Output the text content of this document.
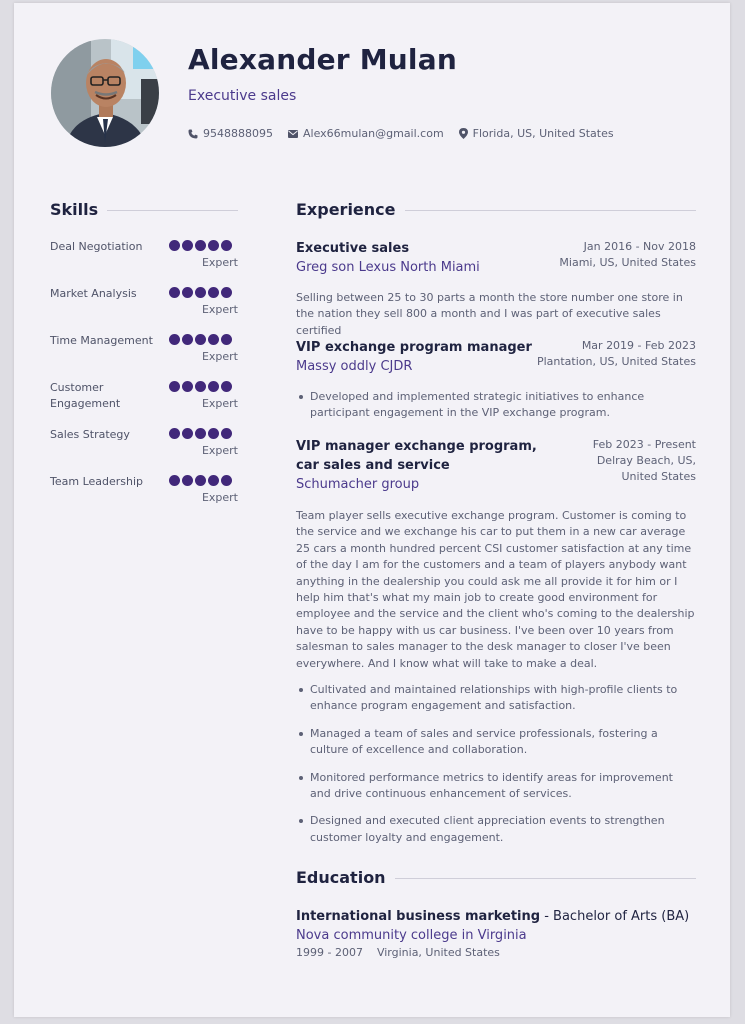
Alexander Mulan
Executive sales
9548888095	Alex66mulan@gmail.com	Florida, US, United States
Skills
Deal Negotiation
Expert
Market Analysis
Expert
Time Management
Expert
Customer Engagement	Expert
Sales Strategy
Expert
Team Leadership
Expert
Experience
Executive sales
Greg son Lexus North Miami
Jan 2016 - Nov 2018
Miami, US, United States
Selling between 25 to 30 parts a month the store number one store in the nation they sell 800 a month and I was part of executive sales certified
VIP exchange program manager
Massy oddly CJDR
Mar 2019 - Feb 2023
Plantation, US, United States
Developed and implemented strategic initiatives to enhance participant engagement in the VIP exchange program.
VIP manager exchange program, car sales and service
Schumacher group
Feb 2023 - Present
Delray Beach, US, United States
Team player sells executive exchange program. Customer is coming to the service and we exchange his car to put them in a new car average 25 cars a month hundred percent CSI customer satisfaction at any time of the day I am for the customers and a team of players anybody want anything in the dealership you could ask me all provide it for him or I help him that's what my main job to create good environment for employee and the service and the client who's coming to the dealership have to be happy with us car business. I've been over 10 years from salesman to sales manager to the desk manager to closer I've been everywhere. And I know what will take to make a deal.
Cultivated and maintained relationships with high-profile clients to enhance program engagement and satisfaction.
Managed a team of sales and service professionals, fostering a culture of excellence and collaboration.
Monitored performance metrics to identify areas for improvement and drive continuous enhancement of services.
Designed and executed client appreciation events to strengthen customer loyalty and engagement.
Education
International business marketing - Bachelor of Arts (BA)
Nova community college in Virginia
1999 - 2007 Virginia, United States
